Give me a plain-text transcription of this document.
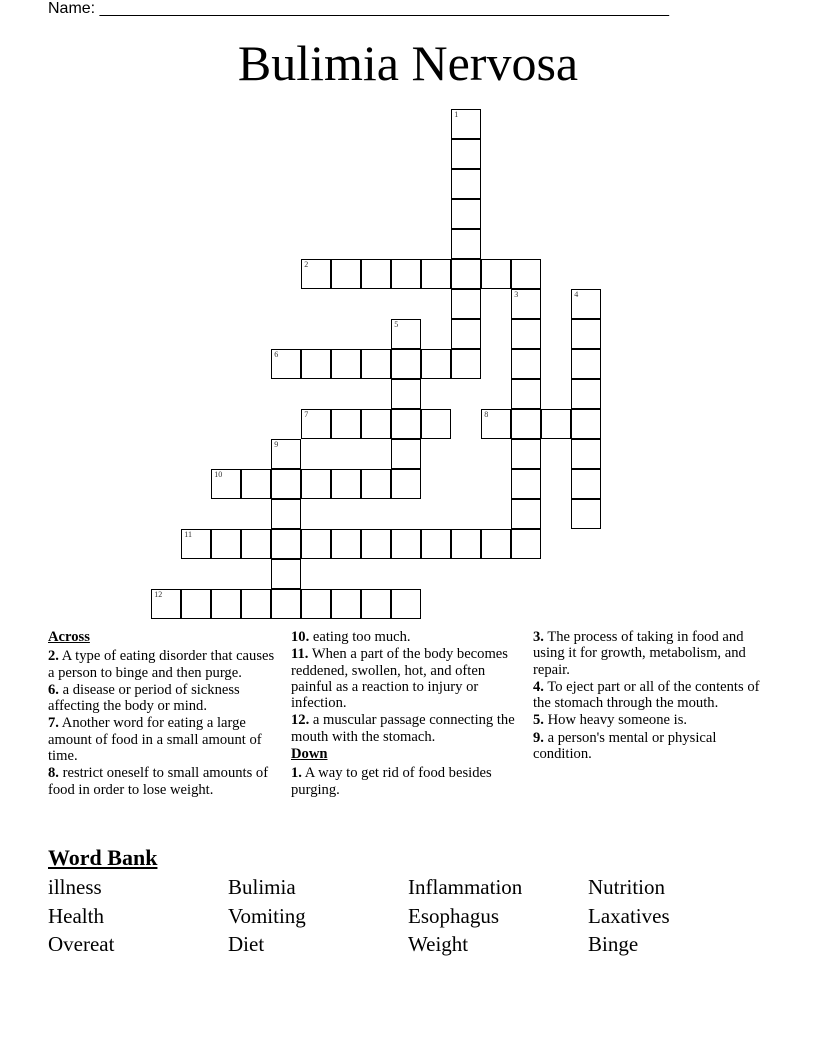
Name: ________________________________________________________________
Bulimia Nervosa
1
2
3	4
5
6
7	8
9
10
11
12
Across
2. A type of eating disorder that causes a person to binge and then purge.
6. a disease or period of sickness affecting the body or mind.
7. Another word for eating a large amount of food in a small amount of time.
8. restrict oneself to small amounts of food in order to lose weight.
10. eating too much.
11. When a part of the body becomes reddened, swollen, hot, and often painful as a reaction to injury or infection.
12. a muscular passage connecting the mouth with the stomach.
Down
1. A way to get rid of food besides purging.
3. The process of taking in food and using it for growth, metabolism, and repair.
4. To eject part or all of the contents of the stomach through the mouth.
5. How heavy someone is.
9. a person's mental or physical condition.
Word Bank
illness	Bulimia	Inflammation	Nutrition
Health	Vomiting	Esophagus	Laxatives
Overeat	Diet	Weight	Binge
